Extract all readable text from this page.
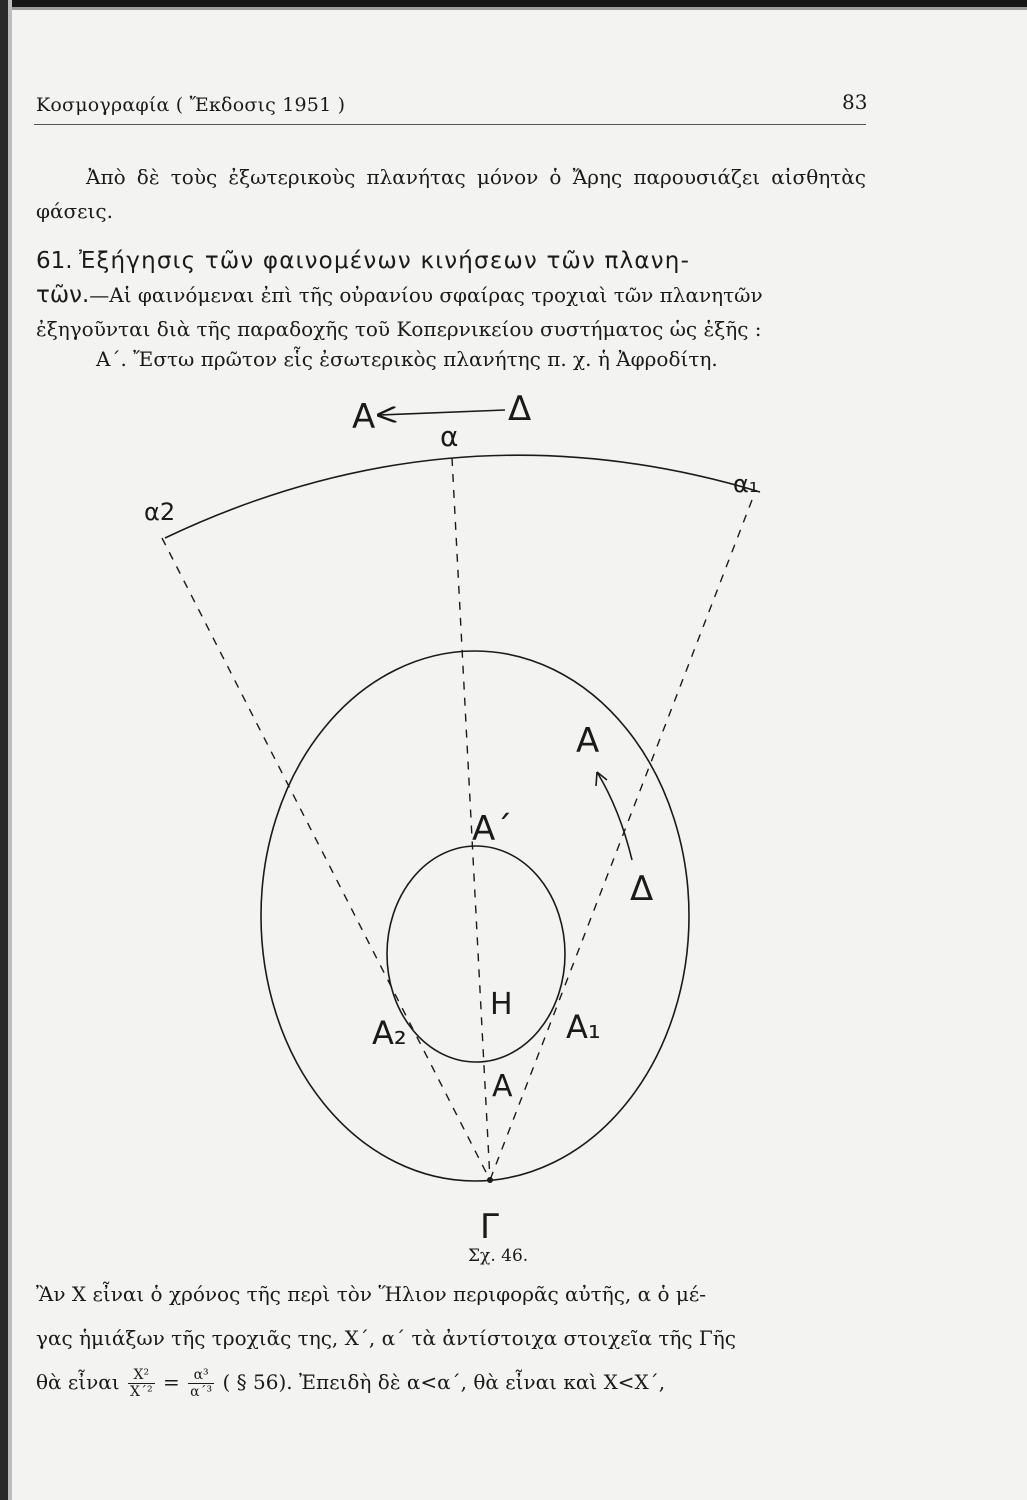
Κοσμογραφία ( Ἔκδοσις 1951 )	83
Ἀπὸ δὲ τοὺς ἐξωτερικοὺς πλανήτας μόνον ὁ Ἄρης παρουσιάζει αἰσθητὰς φάσεις.
61. Ἐξήγησις τῶν φαινομένων κινήσεων τῶν πλανη-
τῶν.—Αἱ φαινόμεναι ἐπὶ τῆς οὐρανίου σφαίρας τροχιαὶ τῶν πλανητῶν ἐξηγοῦνται διὰ τῆς παραδοχῆς τοῦ Κοπερνικείου συστήματος ὡς ἑξῆς :
Α΄. Ἔστω πρῶτον εἷς ἐσωτερικὸς πλανήτης π. χ. ἡ Ἀφροδίτη.
Α	Δ
α
α2
α₁
Α
Δ
Α΄
Η
Α₁
Α₂
Α
Γ
Σχ. 46.
Ἂν Χ εἶναι ὁ χρόνος τῆς περὶ τὸν Ἥλιον περιφορᾶς αὐτῆς, α ὁ μέ-
γας ἡμιάξων τῆς τροχιᾶς της, Χ΄, α΄ τὰ ἀντίστοιχα στοιχεῖα τῆς Γῆς
θὰ εἶναι $\frac{\text{Χ²}}{\text{Χ΄²}} = \frac{\text{α³}}{\text{α΄³}}$ ( § 56). Ἐπειδὴ δὲ α<α΄, θὰ εἶναι καὶ Χ<Χ΄,
